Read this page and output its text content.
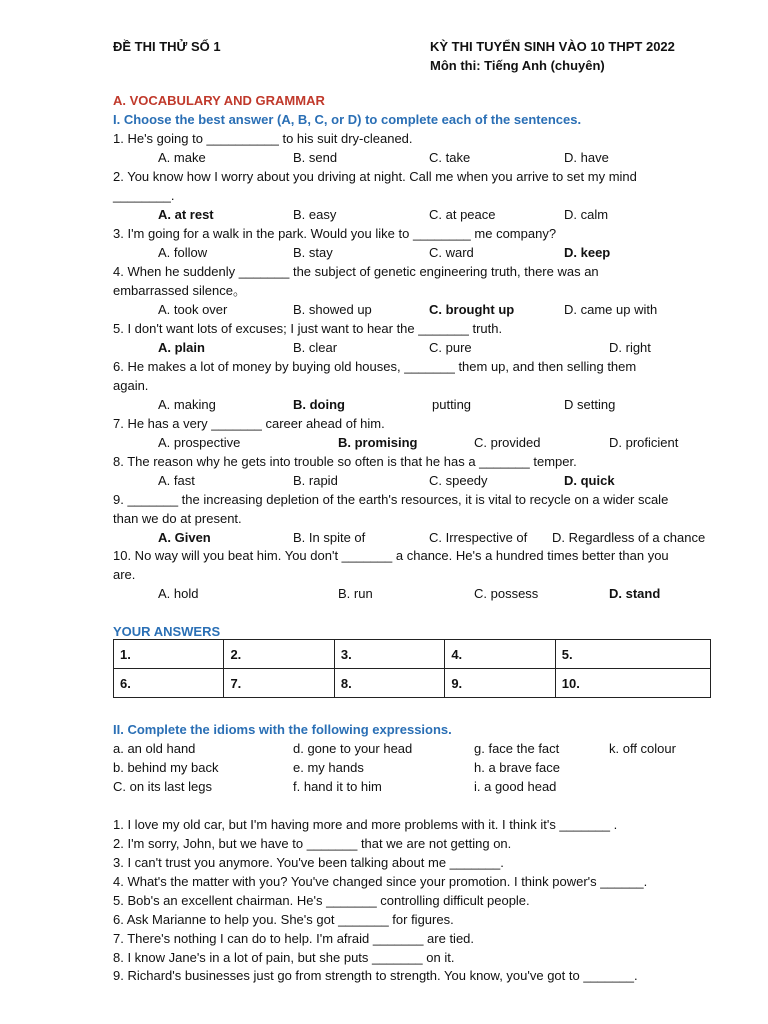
ĐỀ THI THỬ SỐ 1	KỲ THI TUYỂN SINH VÀO 10 THPT 2022
Môn thi: Tiếng Anh (chuyên)
A. VOCABULARY AND GRAMMAR
I. Choose the best answer (A, B, C, or D) to complete each of the sentences.
1. He's going to __________ to his suit dry-cleaned.
A. make	B. send	C. take	D. have
2. You know how I worry about you driving at night. Call me when you arrive to set my mind
________.
A. at rest	B. easy	C. at peace	D. calm
3. I'm going for a walk in the park. Would you like to ________ me company?
A. follow	B. stay	C. ward	D. keep
4. When he suddenly _______ the subject of genetic engineering truth, there was an
embarrassed silence。
A. took over	B. showed up	C. brought up	D. came up with
5. I don't want lots of excuses; I just want to hear the _______ truth.
A. plain	B. clear	C. pure	D. right
6. He makes a lot of money by buying old houses, _______ them up, and then selling them
again.
A. making	B. doing	putting	D setting
7. He has a very _______ career ahead of him.
A. prospective	B. promising	C. provided	D. proficient
8. The reason why he gets into trouble so often is that he has a _______ temper.
A. fast	B. rapid	C. speedy	D. quick
9. _______ the increasing depletion of the earth's resources, it is vital to recycle on a wider scale
than we do at present.
A. Given	B. In spite of	C. Irrespective of D. Regardless of a chance
10. No way will you beat him. You don't _______ a chance. He's a hundred times better than you
are.
A. hold	B. run	C. possess	D. stand
YOUR ANSWERS
1.	2.	3.	4.	5.
6.	7.	8.	9.	10.
II. Complete the idioms with the following expressions.
a. an old hand	d. gone to your head	g. face the fact	k. off colour
b. behind my back	e. my hands	h. a brave face
C. on its last legs	f. hand it to him	i. a good head
1. I love my old car, but I'm having more and more problems with it. I think it's _______ .
2. I'm sorry, John, but we have to _______ that we are not getting on.
3. I can't trust you anymore. You've been talking about me _______.
4. What's the matter with you? You've changed since your promotion. I think power's ______.
5. Bob's an excellent chairman. He's _______ controlling difficult people.
6. Ask Marianne to help you. She's got _______ for figures.
7. There's nothing I can do to help. I'm afraid _______ are tied.
8. I know Jane's in a lot of pain, but she puts _______ on it.
9. Richard's businesses just go from strength to strength. You know, you've got to _______.
